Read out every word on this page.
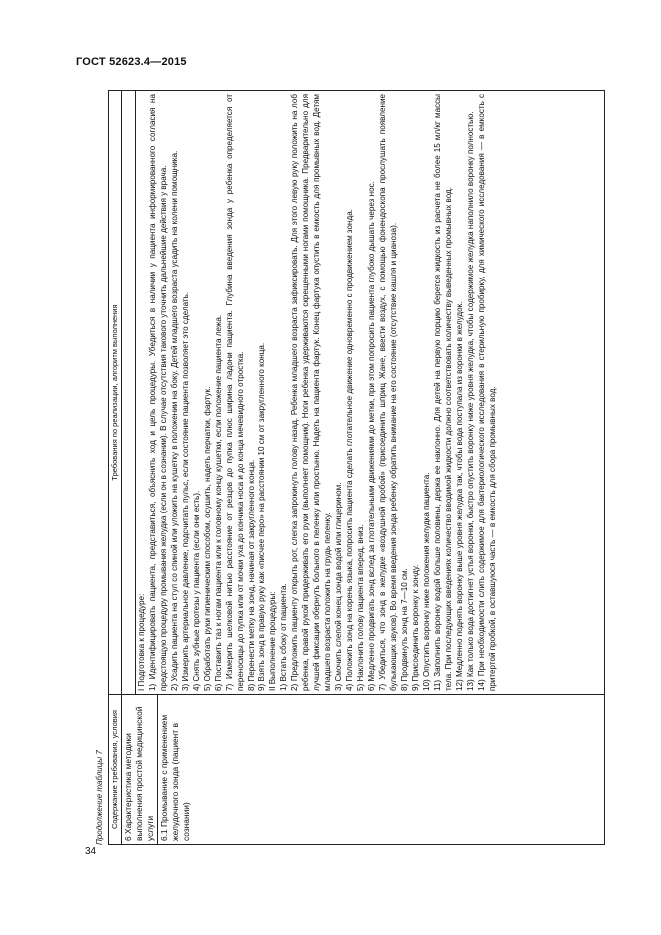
ГОСТ 52623.4—2015
34
Продолжение таблицы 7 Содержание требования, условия
Требования по реализации, алгоритм выполнения

6 Характеристика методики выполнения простой медицинской услуги 6.1 Промывание с применением желудочного зонда (пациент в сознании)

I Подготовка к процедуре: 1) Идентифицировать пациента, представиться, объяснить ход и цель процедуры. Убедиться в наличии у пациента информированного согласия на предстоящую процедуру промывания желудка (если он в сознании). В случае отсутствия такового уточнить дальнейшие действия у врача. 2) Усадить пациента на стул со спиной или уложить на кушетку в положении на боку. Детей младшего возраста усадить на колени помощника. 3) Измерить артериальное давление, подсчитать пульс, если состояние пациента позволяет это сделать. 4) Снять зубные протезы у пациента (если они есть). 5) Обработать руки гигиеническим способом, осушить, надеть перчатки, фартук. 6) Поставить таз к ногам пациента или к головному концу кушетки, если положение пациента лежа. 7) Измерить шелковой нитью расстояние от резцов до пупка плюс ширина ладони пациента. Глубина введения зонда у ребенка определяется от переносицы до пупка или от мочки уха до кончика носа и до конца мечевидного отростка. 8) Перенести метку на зонд, начиная от закругленного конца. 9) Взять зонд в правую руку как «писчее перо» на расстоянии 10 см от закругленного конца. II Выполнение процедуры: 1) Встать сбоку от пациента. 2) Предложить пациенту открыть рот, слегка запрокинуть голову назад. Ребенка младшего возраста зафиксировать. Для этого левую руку положить на лоб ребенка, правой рукой придерживать его руки (выполняет помощник). Ноги ребенка удерживаются скрещенными ногами помощника. Предварительно для лучшей фиксации обернуть больного в пеленку или простыню. Надеть на пациента фартук. Конец фартука опустить в емкость для промывных вод. Детям младшего возраста положить на грудь пеленку. 3) Смочить слепой конец зонда водой или глицерином. 4) Положить зонд на корень языка, попросить пациента сделать глотательное движение одновременно с продвижением зонда. 5) Наклонить голову пациента вперед, вниз. 6) Медленно продвигать зонд вслед за глотательными движениями до метки, при этом попросить пациента глубоко дышать через нос. 7) Убедиться, что зонд в желудке «воздушной пробой» (присоединить шприц Жане, ввести воздух, с помощью фонендоскопа прослушать появление булькающих звуков). Во время введения зонда ребенку обратить внимание на его состояние (отсутствие кашля и цианоза). 8) Продвинуть зонд на 7—10 см. 9) Присоединить воронку к зонду. 10) Опустить воронку ниже положения желудка пациента. 11) Заполнить воронку водой больше половины, держа ее наклонно. Для детей на первую порцию берется жидкость из расчета не более 15 мл/кг массы тела. При последующих введениях количество вводимой жидкости должно соответствовать количеству выведенных промывных вод. 12) Медленно поднять воронку выше уровня желудка так, чтобы вода поступала из воронки в желудок. 13) Как только вода достигнет устья воронки, быстро опустить воронку ниже уровня желудка, чтобы содержимое желудка наполнило воронку полностью. 14) При необходимости слить содержимое для бактериологического исследования в стерильную пробирку, для химического исследования — в емкость с притертой пробкой, в оставшуюся часть — в емкость для сбора промывных вод.
